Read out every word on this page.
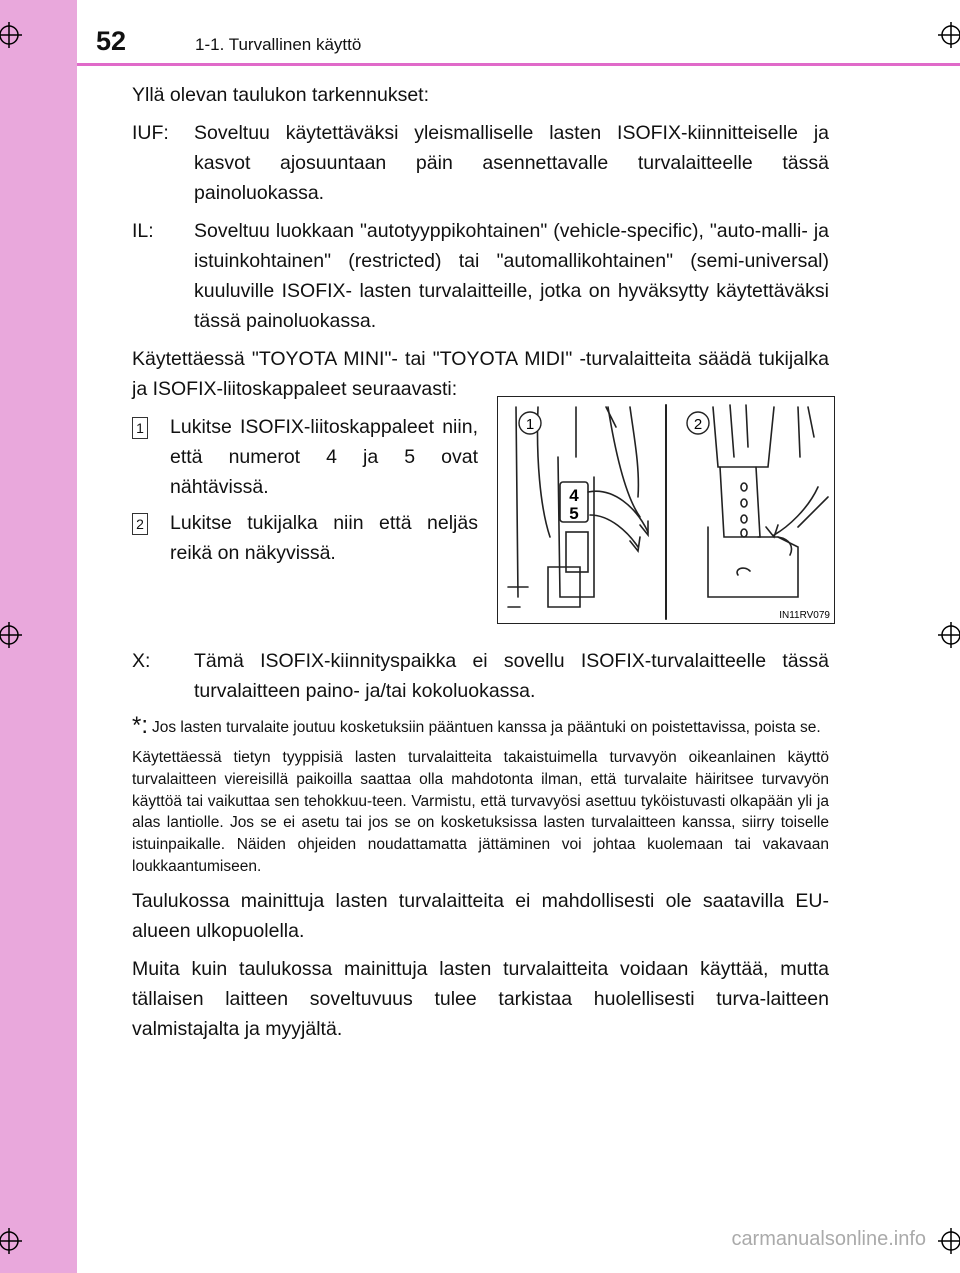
52	1-1. Turvallinen käyttö

Yllä olevan taulukon tarkennukset:

IUF:	Soveltuu käytettäväksi yleismalliselle lasten ISOFIX-kiinnitteiselle ja kasvot ajosuuntaan päin asennettavalle turvalaitteelle tässä painoluokassa.
IL:	Soveltuu luokkaan "autotyyppikohtainen" (vehicle-specific), "auto-malli- ja istuinkohtainen" (restricted) tai "automallikohtainen" (semi-universal) kuuluville ISOFIX- lasten turvalaitteille, jotka on hyväksytty käytettäväksi tässä painoluokassa.

Käytettäessä "TOYOTA MINI"- tai "TOYOTA MIDI" -turvalaitteita säädä tukijalka ja ISOFIX-liitoskappaleet seuraavasti:

1 Lukitse ISOFIX-liitoskappaleet niin, että numerot 4 ja 5 ovat nähtävissä.
2 Lukitse tukijalka niin että neljäs reikä on näkyvissä.
X:	Tämä ISOFIX-kiinnityspaikka ei sovellu ISOFIX-turvalaitteelle tässä turvalaitteen paino- ja/tai kokoluokassa.
*: Jos lasten turvalaite joutuu kosketuksiin pääntuen kanssa ja pääntuki on poistettavissa, poista se.

Käytettäessä tietyn tyyppisiä lasten turvalaitteita takaistuimella turvavyön oikeanlainen käyttö turvalaitteen viereisillä paikoilla saattaa olla mahdotonta ilman, että turvalaite häiritsee turvavyön käyttöä tai vaikuttaa sen tehokkuu-teen. Varmistu, että turvavyösi asettuu tyköistuvasti olkapään yli ja alas lantiolle. Jos se ei asetu tai jos se on kosketuksissa lasten turvalaitteen kanssa, siirry toiselle istuinpaikalle. Näiden ohjeiden noudattamatta jättäminen voi johtaa kuolemaan tai vakavaan loukkaantumiseen.

Taulukossa mainittuja lasten turvalaitteita ei mahdollisesti ole saatavilla EU-alueen ulkopuolella.

Muita kuin taulukossa mainittuja lasten turvalaitteita voidaan käyttää, mutta tällaisen laitteen soveltuvuus tulee tarkistaa huolellisesti turva-laitteen valmistajalta ja myyjältä.

1	2
4
5
IN11RV079
carmanualsonline.info
